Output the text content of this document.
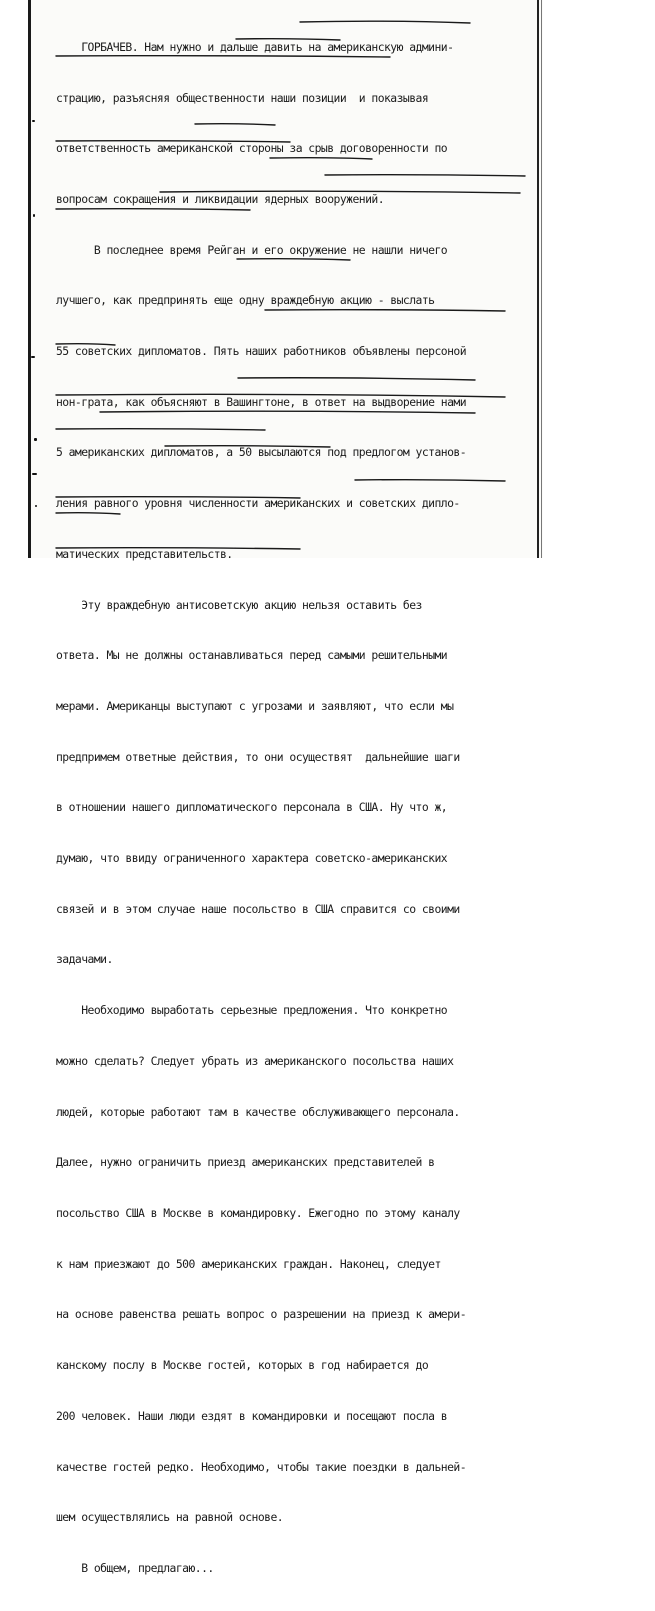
ГОРБАЧЕВ. Нам нужно и дальше давить на американскую админи-

страцию, разъясняя общественности наши позиции  и показывая

ответственность американской стороны за срыв договоренности по

вопросам сокращения и ликвидации ядерных вооружений.

В последнее время Рейган и его окружение не нашли ничего

лучшего, как предпринять еще одну враждебную акцию - выслать

55 советских дипломатов. Пять наших работников объявлены персоной

нон-грата, как объясняют в Вашингтоне, в ответ на выдворение нами

5 американских дипломатов, а 50 высылаются под предлогом установ-

ления равного уровня численности американских и советских дипло-

матических представительств.

Эту враждебную антисоветскую акцию нельзя оставить без

ответа. Мы не должны останавливаться перед самыми решительными

мерами. Американцы выступают с угрозами и заявляют, что если мы

предпримем ответные действия, то они осуществят  дальнейшие шаги

в отношении нашего дипломатического персонала в США. Ну что ж,

думаю, что ввиду ограниченного характера советско-американских

связей и в этом случае наше посольство в США справится со своими

задачами.

Необходимо выработать серьезные предложения. Что конкретно

можно сделать? Следует убрать из американского посольства наших

людей, которые работают там в качестве обслуживающего персонала.

Далее, нужно ограничить приезд американских представителей в

посольство США в Москве в командировку. Ежегодно по этому каналу

к нам приезжают до 500 американских граждан. Наконец, следует

на основе равенства решать вопрос о разрешении на приезд к амери-

канскому послу в Москве гостей, которых в год набирается до

200 человек. Наши люди ездят в командировки и посещают посла в

качестве гостей редко. Необходимо, чтобы такие поездки в дальней-

шем осуществлялись на равной основе.

В общем, предлагаю...
